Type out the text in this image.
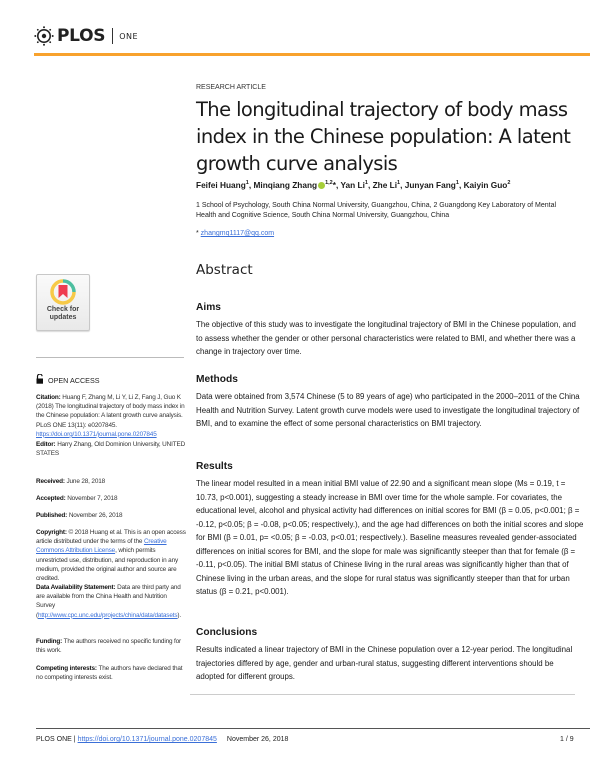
PLOS ONE
RESEARCH ARTICLE
The longitudinal trajectory of body mass index in the Chinese population: A latent growth curve analysis
Feifei Huang$^1$, Minqiang Zhang $^{1,2}$*, Yan Li$^1$, Zhe Li$^1$, Junyan Fang$^1$, Kaiyin Guo$^2$
1 School of Psychology, South China Normal University, Guangzhou, China, 2 Guangdong Key Laboratory of Mental Health and Cognitive Science, South China Normal University, Guangzhou, China
* zhangmq1117@qq.com
Abstract
Aims
The objective of this study was to investigate the longitudinal trajectory of BMI in the Chinese population, and to assess whether the gender or other personal characteristics were related to BMI, and whether there was a change in trajectory over time.
Methods
Data were obtained from 3,574 Chinese (5 to 89 years of age) who participated in the 2000–2011 of the China Health and Nutrition Survey. Latent growth curve models were used to investigate the longitudinal trajectory of BMI, and to examine the effect of some personal characteristics on BMI trajectory.
Results
The linear model resulted in a mean initial BMI value of 22.90 and a significant mean slope (Ms = 0.19, t = 10.73, p<0.001), suggesting a steady increase in BMI over time for the whole sample. For covariates, the educational level, alcohol and physical activity had differences on initial scores for BMI (β = 0.05, p<0.001; β = -0.12, p<0.05; β = -0.08, p<0.05; respectively.), and the age had differences on both the initial scores and slope for BMI (β = 0.01, p= <0.05; β = -0.03, p<0.01; respectively.). Baseline measures revealed gender-associated differences on initial scores for BMI, and the slope for male was significantly steeper than that for female (β = -0.11, p<0.05). The initial BMI status of Chinese living in the rural areas was significantly higher than that of Chinese living in the urban areas, and the slope for rural status was significantly steeper than that for urban status (β = 0.21, p<0.001).
Conclusions
Results indicated a linear trajectory of BMI in the Chinese population over a 12-year period. The longitudinal trajectories differed by age, gender and urban-rural status, suggesting different interventions should be adopted for different groups.
Check for updates
OPEN ACCESS
Citation: Huang F, Zhang M, Li Y, Li Z, Fang J, Guo K (2018) The longitudinal trajectory of body mass index in the Chinese population: A latent growth curve analysis. PLoS ONE 13(11): e0207845. https://doi.org/10.1371/journal.pone.0207845
Editor: Harry Zhang, Old Dominion University, UNITED STATES
Received: June 28, 2018
Accepted: November 7, 2018
Published: November 26, 2018
Copyright: © 2018 Huang et al. This is an open access article distributed under the terms of the Creative Commons Attribution License, which permits unrestricted use, distribution, and reproduction in any medium, provided the original author and source are credited.
Data Availability Statement: Data are third party and are available from the China Health and Nutrition Survey (http://www.cpc.unc.edu/projects/china/data/datasets).
Funding: The authors received no specific funding for this work.
Competing interests: The authors have declared that no competing interests exist.
PLOS ONE | https://doi.org/10.1371/journal.pone.0207845 November 26, 2018	1 / 9
